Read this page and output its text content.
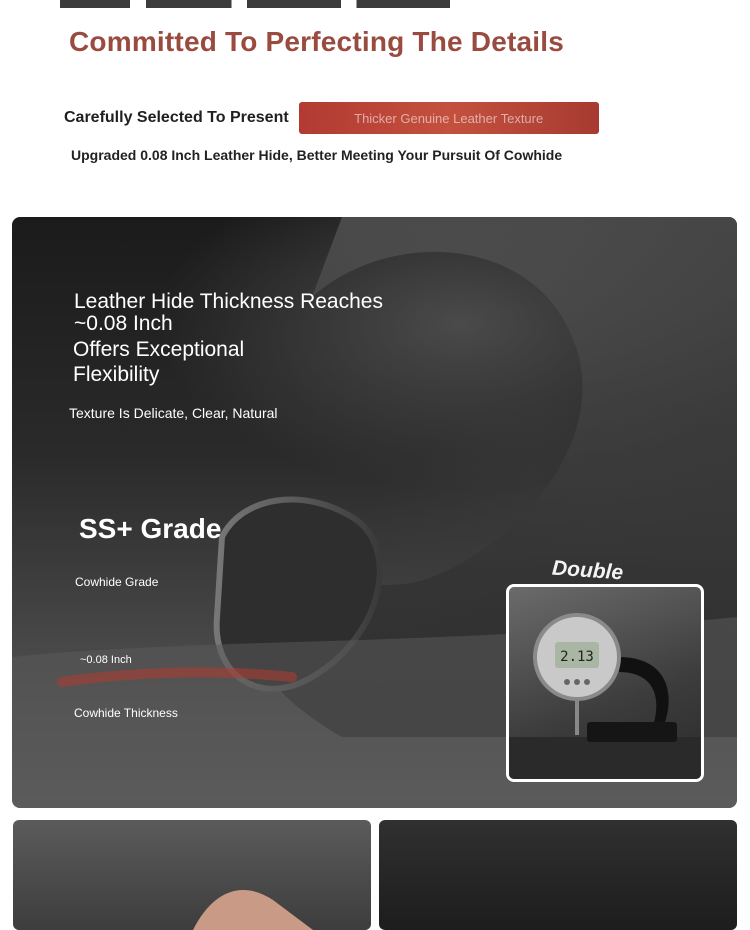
Committed To Perfecting The Details
Carefully Selected To Present	Thicker Genuine Leather Texture
Upgraded 0.08 Inch Leather Hide, Better Meeting Your Pursuit Of Cowhide
Leather Hide Thickness Reaches
~0.08 Inch
Offers Exceptional
Flexibility
Texture Is Delicate, Clear, Natural
SS+ Grade
Cowhide Grade
~0.08 Inch
Cowhide Thickness
Double
2.13
